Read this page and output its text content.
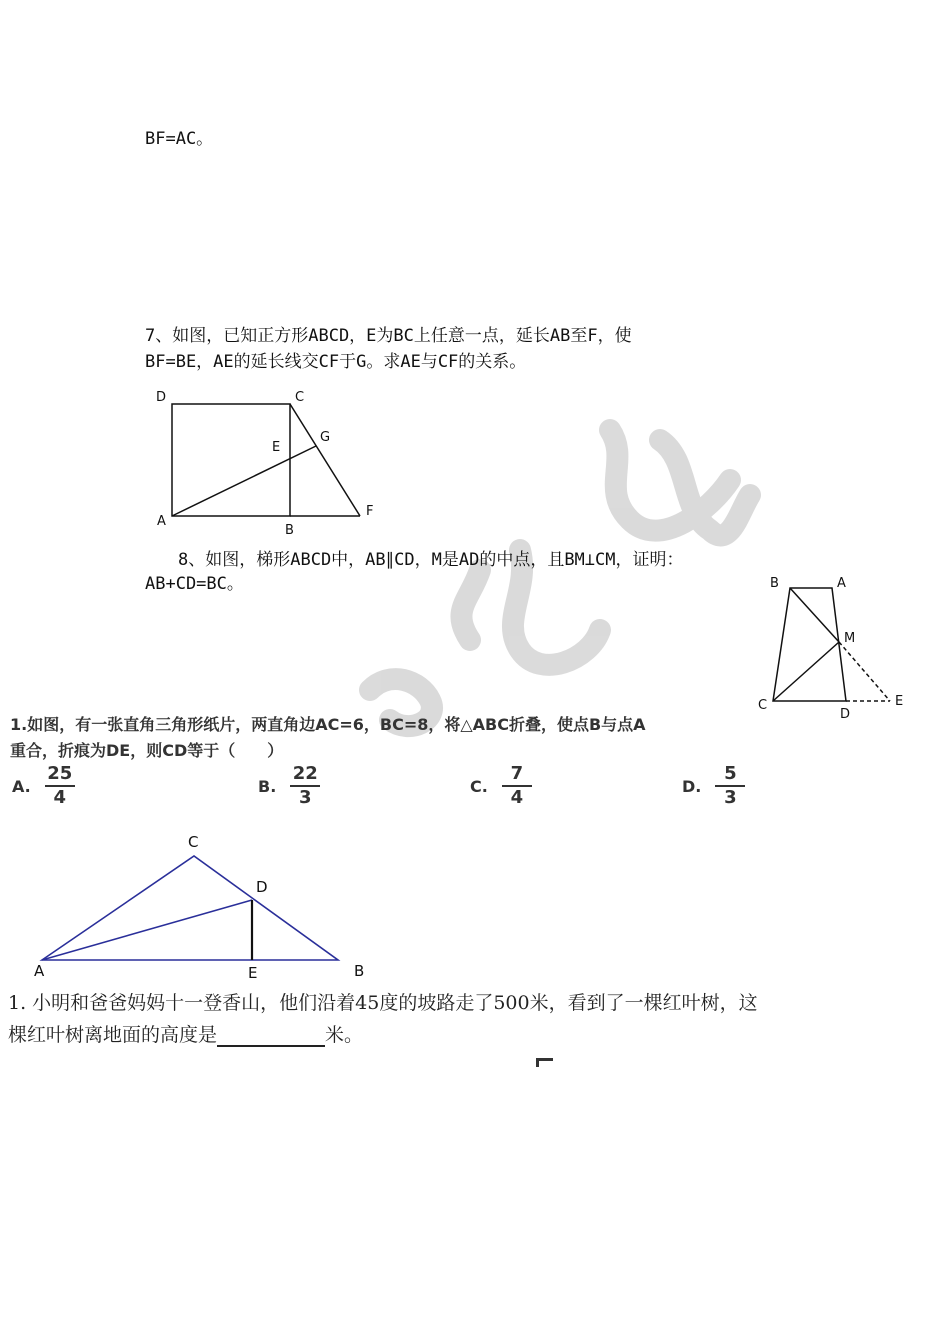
BF=AC。
7、如图，已知正方形ABCD，E为BC上任意一点，延长AB至F，使
BF=BE，AE的延长线交CF于G。求AE与CF的关系。
D	C
E
G
A
B
F
8、如图，梯形ABCD中，AB∥CD，M是AD的中点，且BM⊥CM，证明：
AB+CD=BC。	B	A
M
C
D
E
1.如图，有一张直角三角形纸片，两直角边AC=6，BC=8，将△ABC折叠，使点B与点A
重合，折痕为DE，则CD等于（　　）
A. $\frac{25}{4}$	B. $\frac{22}{3}$	C. $\frac{7}{4}$	D. $\frac{5}{3}$
C
D
A	E	B
1. 小明和爸爸妈妈十一登香山，他们沿着45度的坡路走了500米，看到了一棵红叶树，这
棵红叶树离地面的高度是	米。
